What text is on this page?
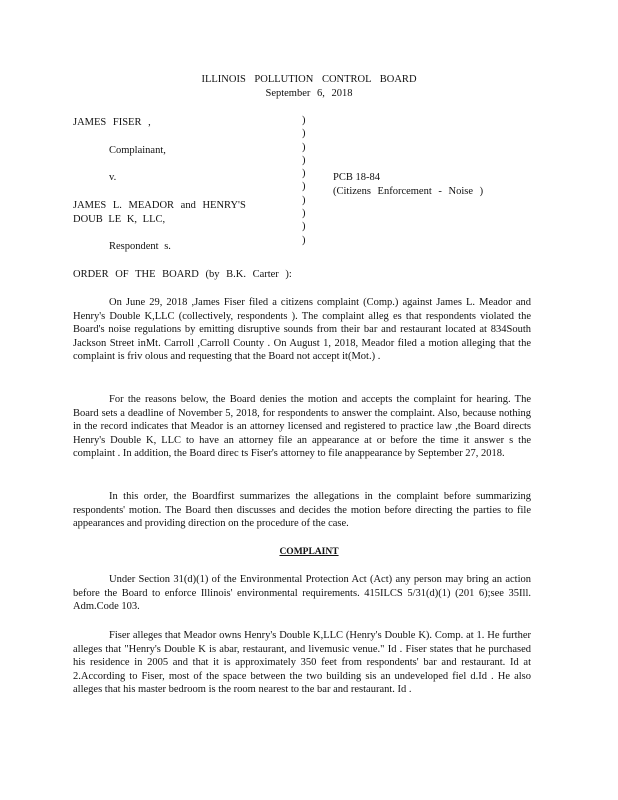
ILLINOIS POLLUTION CONTROL BOARD
September 6, 2018
JAMES FISER ,
Complainant,
v.
JAMES L. MEADOR and HENRY'S
DOUB LE K, LLC,
Respondent s.
)
)
)
)
)
)
)
)
)
)
PCB 18-84
(Citizens Enforcement - Noise )
ORDER OF THE BOARD (by B.K. Carter ):
On June 29, 2018 ,James Fiser filed a citizens complaint (Comp.) against James L. Meador and Henry's Double K,LLC (collectively, respondents ). The complaint alleg es that respondents violated the Board's noise regulations by emitting disruptive sounds from their bar and restaurant located at 834South Jackson Street inMt. Carroll ,Carroll County . On August 1, 2018, Meador filed a motion alleging that the complaint is friv olous and requesting that the Board not accept it(Mot.) .
For the reasons below, the Board denies the motion and accepts the complaint for hearing. The Board sets a deadline of November 5, 2018, for respondents to answer the complaint. Also, because nothing in the record indicates that Meador is an attorney licensed and registered to practice law ,the Board directs Henry's Double K, LLC to have an attorney file an appearance at or before the time it answer s the complaint . In addition, the Board direc ts Fiser's attorney to file anappearance by September 27, 2018.
In this order, the Boardfirst summarizes the allegations in the complaint before summarizing respondents' motion. The Board then discusses and decides the motion before directing the parties to file appearances and providing direction on the procedure of the case.
COMPLAINT
Under Section 31(d)(1) of the Environmental Protection Act (Act) any person may bring an action before the Board to enforce Illinois' environmental requirements. 415ILCS 5/31(d)(1) (201 6);see 35Ill. Adm.Code 103.
Fiser alleges that Meador owns Henry's Double K,LLC (Henry's Double K). Comp. at 1. He further alleges that "Henry's Double K is abar, restaurant, and livemusic venue." Id . Fiser states that he purchased his residence in 2005 and that it is approximately 350 feet from respondents' bar and restaurant. Id at 2.According to Fiser, most of the space between the two building sis an undeveloped fiel d.Id . He also alleges that his master bedroom is the room nearest to the bar and restaurant. Id .
